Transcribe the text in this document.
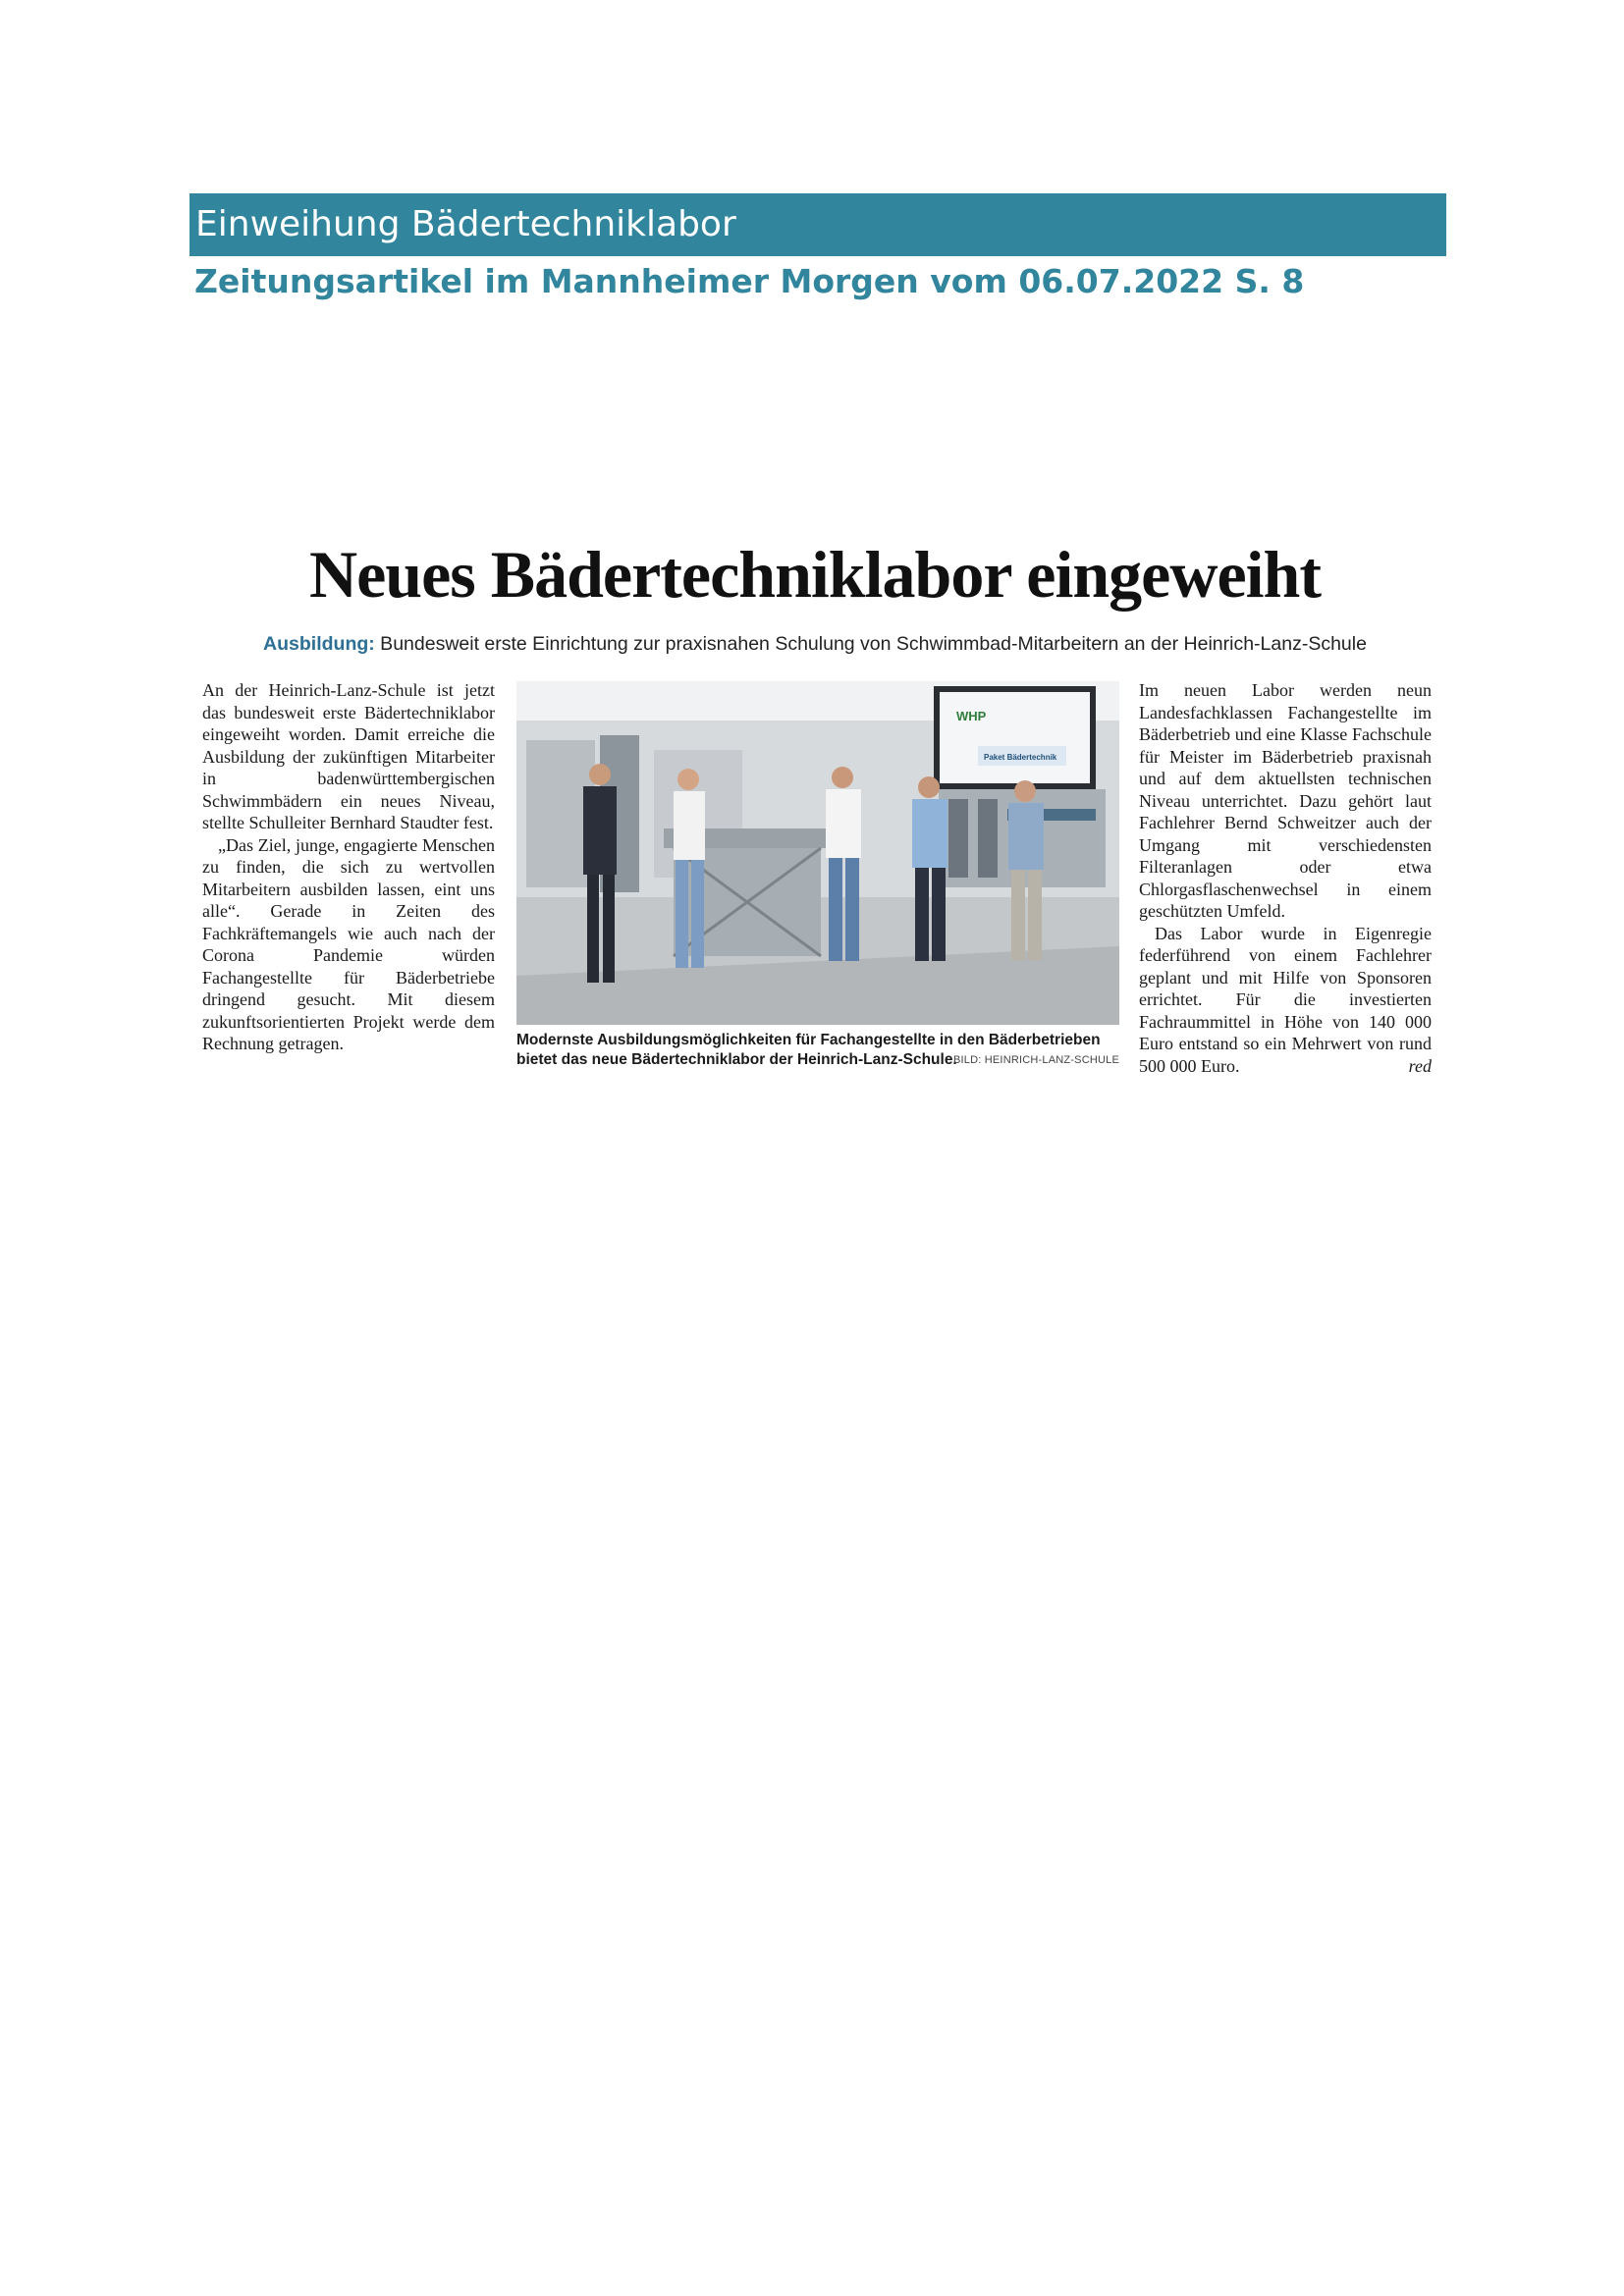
Einweihung Bädertechniklabor
Zeitungsartikel im Mannheimer Morgen vom 06.07.2022 S. 8
Neues Bädertechniklabor eingeweiht
Ausbildung: Bundesweit erste Einrichtung zur praxisnahen Schulung von Schwimmbad-Mitarbeitern an der Heinrich-Lanz-Schule

An der Heinrich-Lanz-Schule ist jetzt das bundesweit erste Bädertechniklabor eingeweiht worden. Damit erreiche die Ausbildung der zukünftigen Mitarbeiter in badenwürttembergischen Schwimmbädern ein neues Niveau, stellte Schulleiter Bernhard Staudter fest.

„Das Ziel, junge, engagierte Menschen zu finden, die sich zu wertvollen Mitarbeitern ausbilden lassen, eint uns alle“. Gerade in Zeiten des Fachkräftemangels wie auch nach der Corona Pandemie würden Fachangestellte für Bäderbetriebe dringend gesucht. Mit diesem zukunftsorientierten Projekt werde dem Rechnung getragen.

WHP
Paket Bädertechnik
Modernste Ausbildungsmöglichkeiten für Fachangestellte in den Bäderbetrieben
bietet das neue Bädertechniklabor der Heinrich-Lanz-Schule.
BILD: HEINRICH-LANZ-SCHULE

Im neuen Labor werden neun Landesfachklassen Fachangestellte im Bäderbetrieb und eine Klasse Fachschule für Meister im Bäderbetrieb praxisnah und auf dem aktuellsten technischen Niveau unterrichtet. Dazu gehört laut Fachlehrer Bernd Schweitzer auch der Umgang mit verschiedensten Filteranlagen oder etwa Chlorgasflaschenwechsel in einem geschützten Umfeld.

Das Labor wurde in Eigenregie federführend von einem Fachlehrer geplant und mit Hilfe von Sponsoren errichtet. Für die investierten Fachraummittel in Höhe von 140 000 Euro entstand so ein Mehrwert von rund 500 000 Euro.	red
